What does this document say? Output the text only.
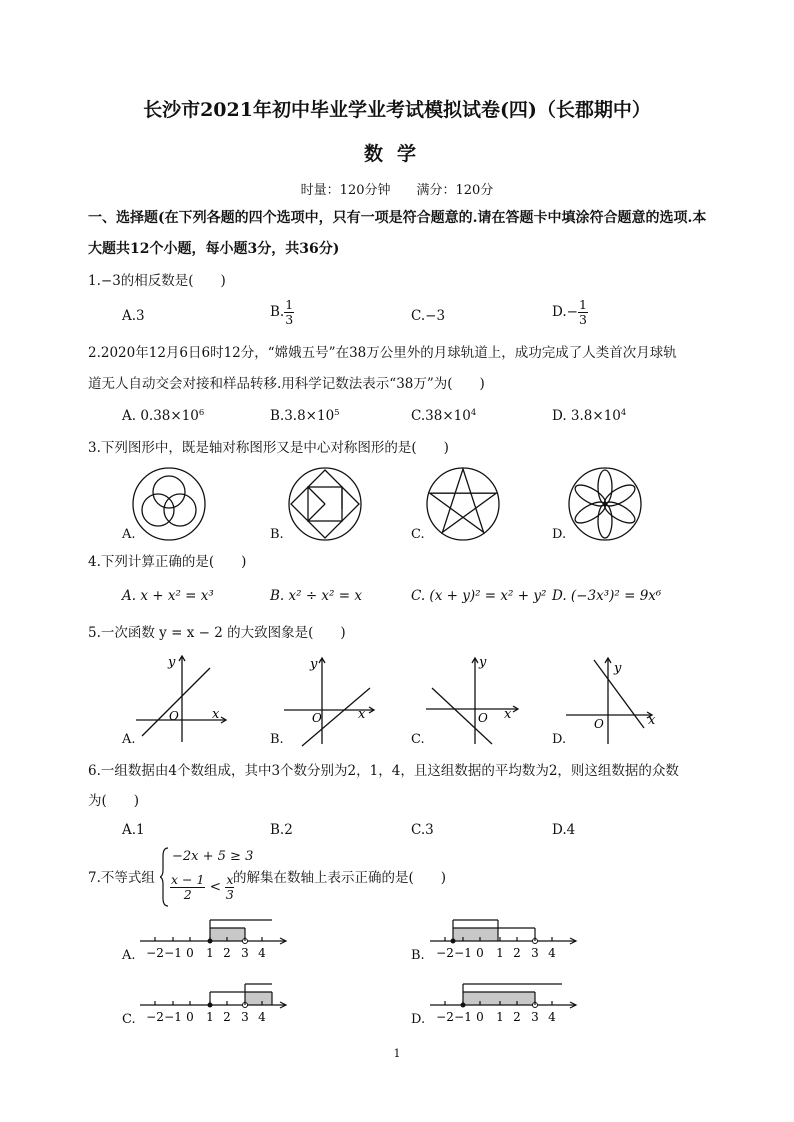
长沙市2021年初中毕业学业考试模拟试卷(四)（长郡期中）
数学
时量：120分钟　　满分：120分
一、选择题(在下列各题的四个选项中，只有一项是符合题意的.请在答题卡中填涂符合题意的选项.本大题共12个小题，每小题3分，共36分)
1.−3的相反数是(　　)
A.3	B. $\frac{1}{3}$	C.−3	$D.- \frac{1}{3}$
2.2020年12月6日6时12分，“嫦娥五号”在38万公里外的月球轨道上，成功完成了人类首次月球轨
道无人自动交会对接和样品转移.用科学记数法表示“38万”为(　　)
A. $0.38\times 10^6$	$B.3.8\times 10^5$	$C.38\times 10^4$	D. $3.8\times 10^4$
3.下列图形中，既是轴对称图形又是中心对称图形的是(　　)
A.	B.	C.	D.
4.下列计算正确的是(　　)
A. x + x² = x³	B. x² ÷ x² = x	C. (x + y)² = x² + y² D. (−3x³)² = 9x⁶
5.一次函数 y = x − 2 的大致图象是(　　)
y
O	x
y
O	x
y
O x
y
O	x
A.	B.	C.	D.
6.一组数据由4个数组成，其中3个数分别为2，1，4，且这组数据的平均数为2，则这组数据的众数
为(　　)
A.1	B.2	C.3	D.4
7.不等式组
−2x + 5 ≥ 3
$\frac{x - 1}{2} < \frac{x}{3}$
的解集在数轴上表示正确的是(　　)
−2 −1 0 1 2 3 4	−2 −1 0 1 2 3 4
−2 −1 0 1 2 3 4	−2 −1 0 1 2 3 4
A.	B.
C.	D.
1
